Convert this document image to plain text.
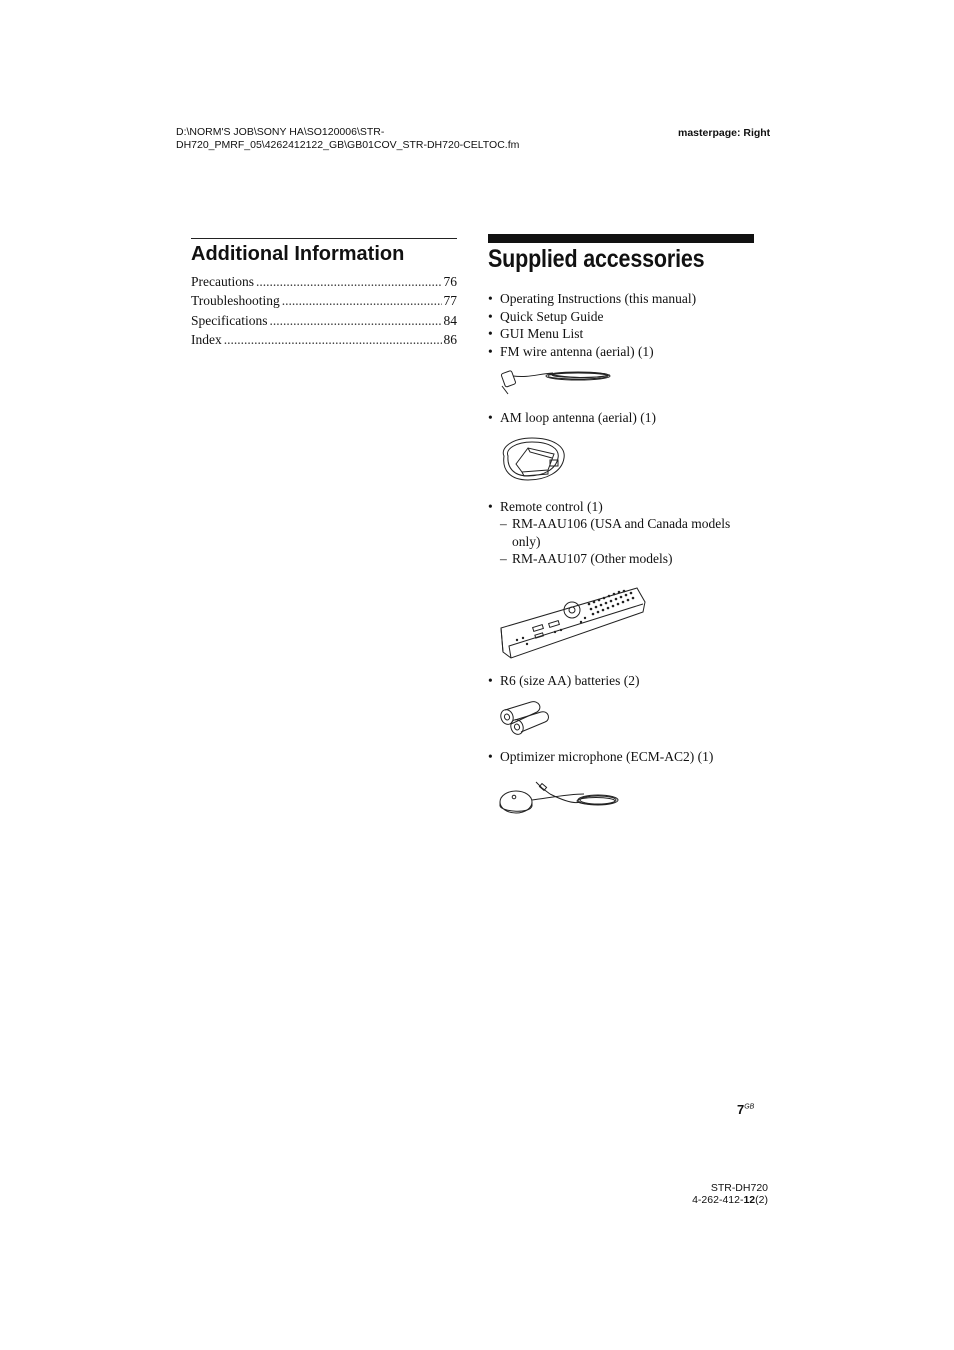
D:\NORM'S JOB\SONY HA\SO120006\STR-
DH720_PMRF_05\4262412122_GB\GB01COV_STR-DH720-CELTOC.fm
masterpage: Right
Additional Information
Precautions .....	76
Troubleshooting .....	77
Specifications .....	84
Index .....	86
Supplied accessories
• Operating Instructions (this manual)
• Quick Setup Guide
• GUI Menu List
• FM wire antenna (aerial) (1)
• AM loop antenna (aerial) (1)
• Remote control (1)
– RM-AAU106 (USA and Canada models
only)
– RM-AAU107 (Other models)
• R6 (size AA) batteries (2)
• Optimizer microphone (ECM-AC2) (1)
$7^{GB}$
STR-DH720
4-262-412-12(2)
